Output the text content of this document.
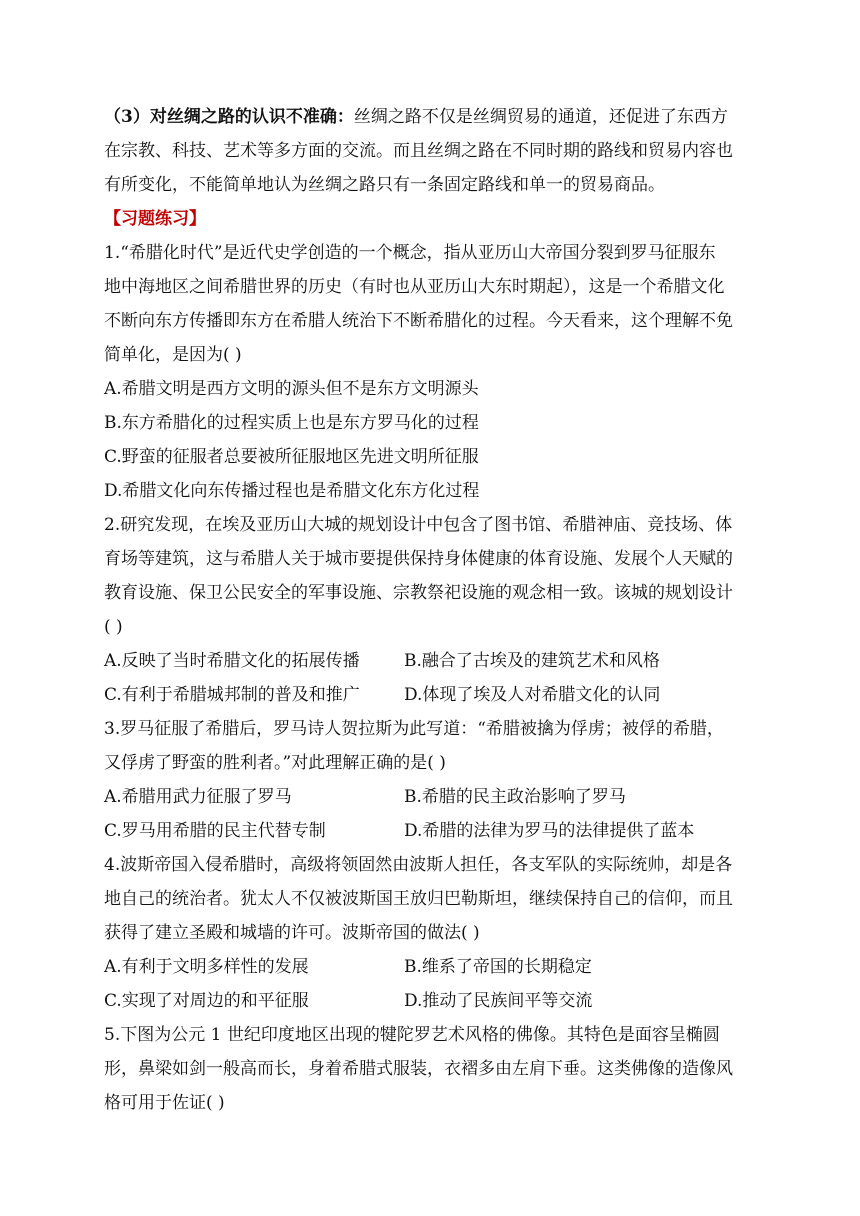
（3）对丝绸之路的认识不准确：丝绸之路不仅是丝绸贸易的通道，还促进了东西方
在宗教、科技、艺术等多方面的交流。而且丝绸之路在不同时期的路线和贸易内容也
有所变化，不能简单地认为丝绸之路只有一条固定路线和单一的贸易商品。
【习题练习】
1.“希腊化时代”是近代史学创造的一个概念，指从亚历山大帝国分裂到罗马征服东
地中海地区之间希腊世界的历史（有时也从亚历山大东时期起），这是一个希腊文化
不断向东方传播即东方在希腊人统治下不断希腊化的过程。今天看来，这个理解不免
简单化，是因为( )
A.希腊文明是西方文明的源头但不是东方文明源头
B.东方希腊化的过程实质上也是东方罗马化的过程
C.野蛮的征服者总要被所征服地区先进文明所征服
D.希腊文化向东传播过程也是希腊文化东方化过程
2.研究发现，在埃及亚历山大城的规划设计中包含了图书馆、希腊神庙、竞技场、体
育场等建筑，这与希腊人关于城市要提供保持身体健康的体育设施、发展个人天赋的
教育设施、保卫公民安全的军事设施、宗教祭祀设施的观念相一致。该城的规划设计
( )
A.反映了当时希腊文化的拓展传播	B.融合了古埃及的建筑艺术和风格
C.有利于希腊城邦制的普及和推广	D.体现了埃及人对希腊文化的认同
3.罗马征服了希腊后，罗马诗人贺拉斯为此写道：“希腊被擒为俘虏；被俘的希腊，
又俘虏了野蛮的胜利者。”对此理解正确的是( )
A.希腊用武力征服了罗马	B.希腊的民主政治影响了罗马
C.罗马用希腊的民主代替专制	D.希腊的法律为罗马的法律提供了蓝本
4.波斯帝国入侵希腊时，高级将领固然由波斯人担任，各支军队的实际统帅，却是各
地自己的统治者。犹太人不仅被波斯国王放归巴勒斯坦，继续保持自己的信仰，而且
获得了建立圣殿和城墙的许可。波斯帝国的做法( )
A.有利于文明多样性的发展	B.维系了帝国的长期稳定
C.实现了对周边的和平征服	D.推动了民族间平等交流
5.下图为公元 1 世纪印度地区出现的犍陀罗艺术风格的佛像。其特色是面容呈椭圆
形，鼻梁如剑一般高而长，身着希腊式服装，衣褶多由左肩下垂。这类佛像的造像风
格可用于佐证( )
